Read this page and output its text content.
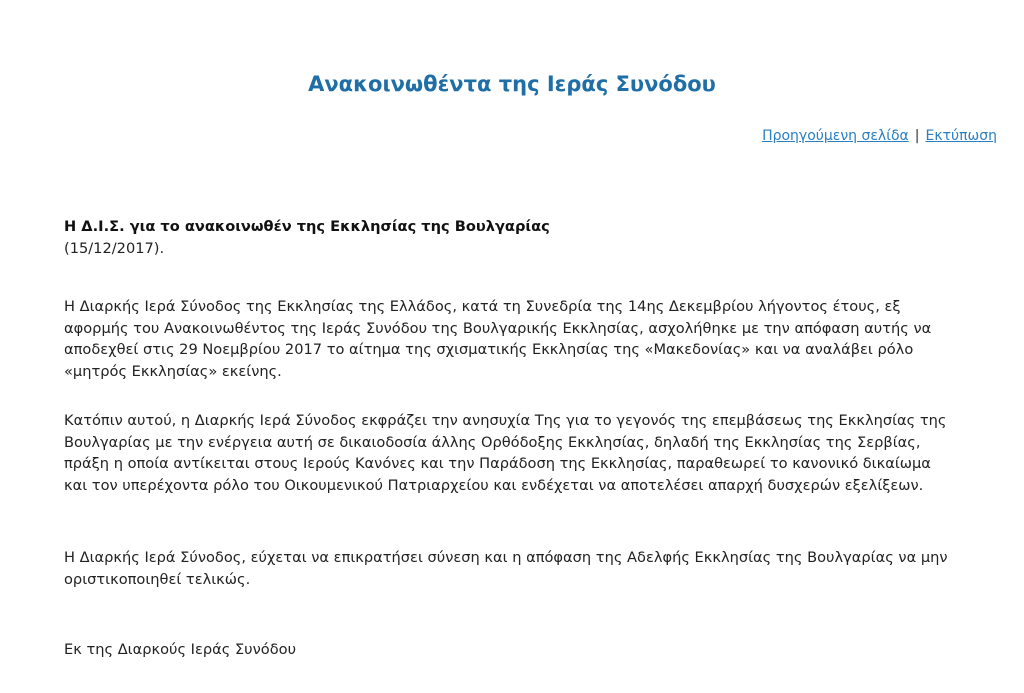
Ανακοινωθέντα της Ιεράς Συνόδου
Προηγούμενη σελίδα | Εκτύπωση

Η Δ.Ι.Σ. για το ανακοινωθέν της Εκκλησίας της Βουλγαρίας

(15/12/2017).

Η Διαρκής Ιερά Σύνοδος της Εκκλησίας της Ελλάδος, κατά τη Συνεδρία της 14ης Δεκεμβρίου λήγοντος έτους, εξ αφορμής του Ανακοινωθέντος της Ιεράς Συνόδου της Βουλγαρικής Εκκλησίας, ασχολήθηκε με την απόφαση αυτής να αποδεχθεί στις 29 Νοεμβρίου 2017 το αίτημα της σχισματικής Εκκλησίας της «Μακεδονίας» και να αναλάβει ρόλο «μητρός Εκκλησίας» εκείνης.

Κατόπιν αυτού, η Διαρκής Ιερά Σύνοδος εκφράζει την ανησυχία Της για το γεγονός της επεμβάσεως της Εκκλησίας της Βουλγαρίας με την ενέργεια αυτή σε δικαιοδοσία άλλης Ορθόδοξης Εκκλησίας, δηλαδή της Εκκλησίας της Σερβίας, πράξη η οποία αντίκειται στους Ιερούς Κανόνες και την Παράδοση της Εκκλησίας, παραθεωρεί το κανονικό δικαίωμα και τον υπερέχοντα ρόλο του Οικουμενικού Πατριαρχείου και ενδέχεται να αποτελέσει απαρχή δυσχερών εξελίξεων.

Η Διαρκής Ιερά Σύνοδος, εύχεται να επικρατήσει σύνεση και η απόφαση της Αδελφής Εκκλησίας της Βουλγαρίας να μην οριστικοποιηθεί τελικώς.

Εκ της Διαρκούς Ιεράς Συνόδου
